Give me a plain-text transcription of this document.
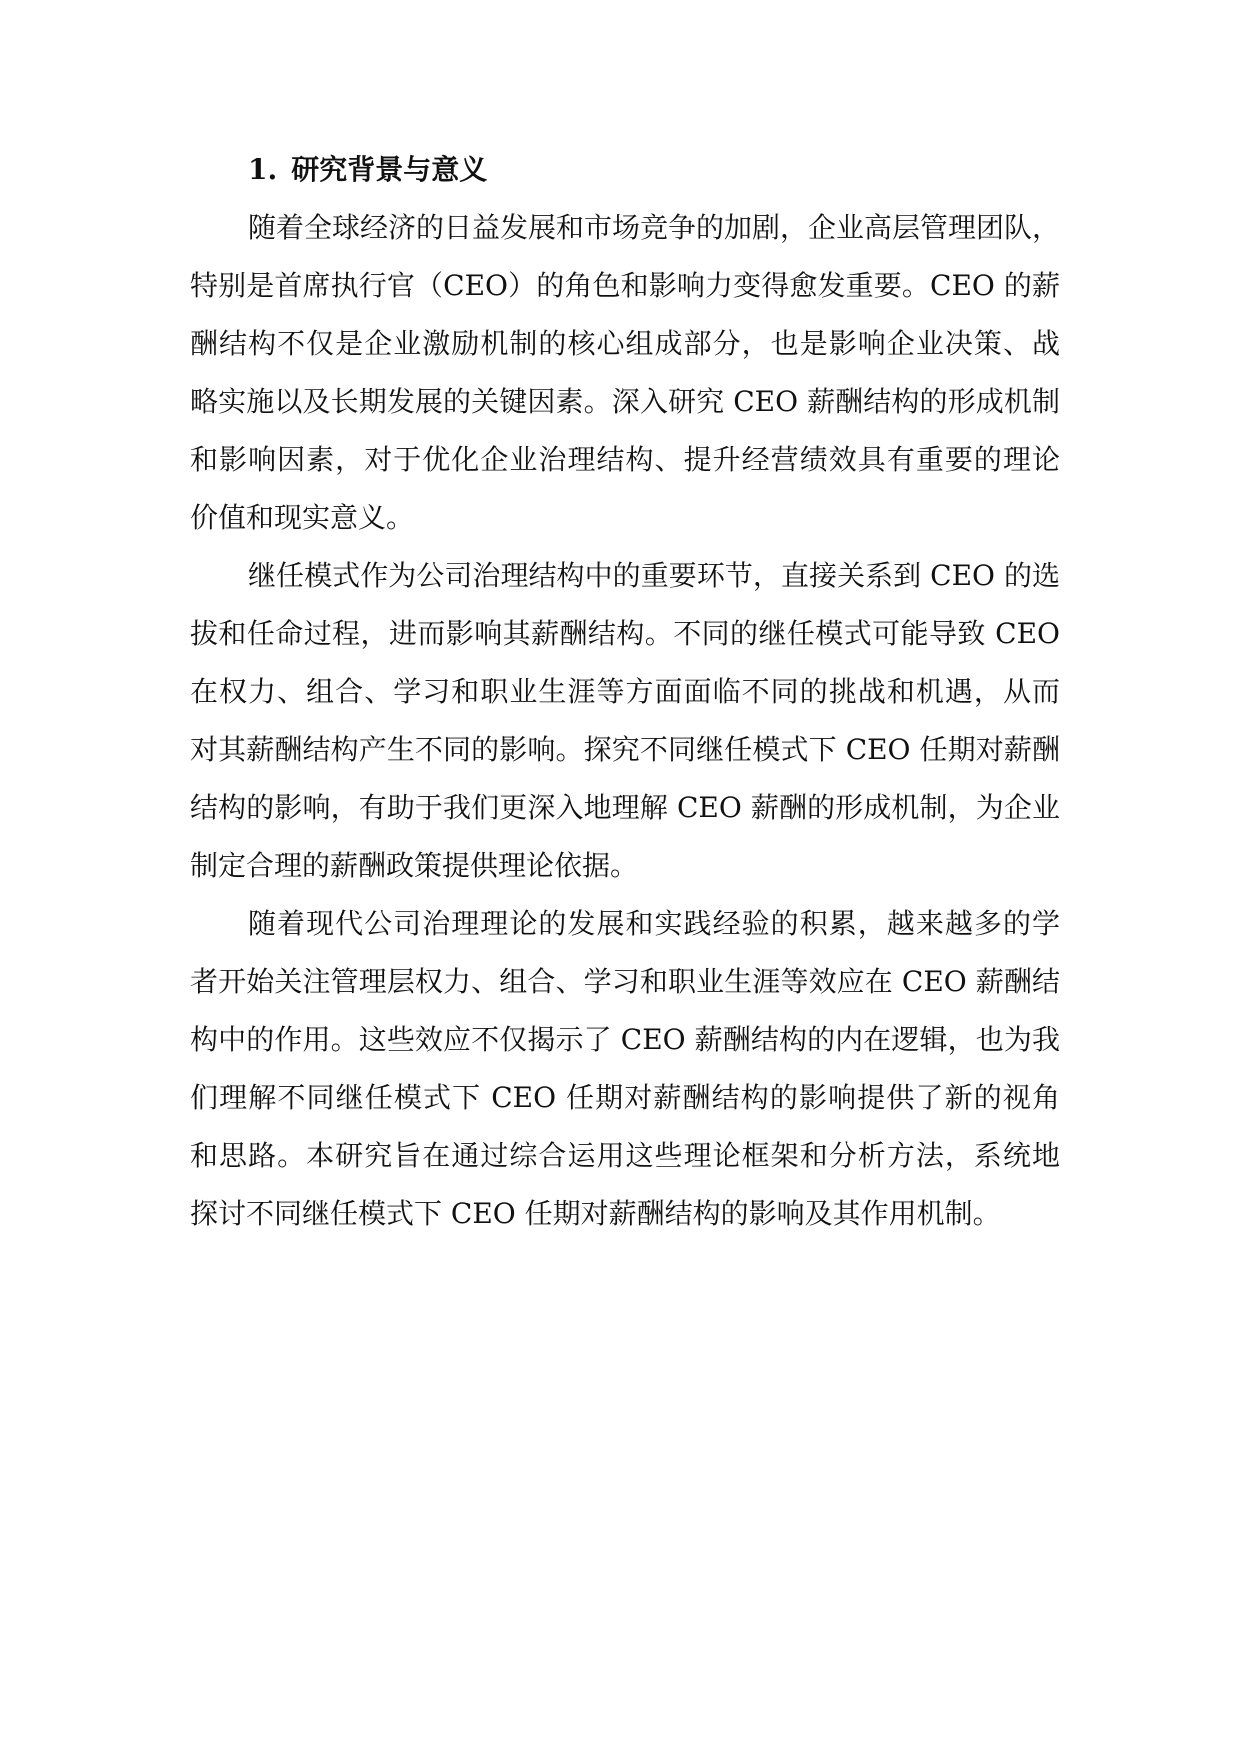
1. 研究背景与意义

随着全球经济的日益发展和市场竞争的加剧，企业高层管理团队，

特别是首席执行官（CEO）的角色和影响力变得愈发重要。CEO 的薪

酬结构不仅是企业激励机制的核心组成部分，也是影响企业决策、战

略实施以及长期发展的关键因素。深入研究 CEO 薪酬结构的形成机制

和影响因素，对于优化企业治理结构、提升经营绩效具有重要的理论

价值和现实意义。

继任模式作为公司治理结构中的重要环节，直接关系到 CEO 的选

拔和任命过程，进而影响其薪酬结构。不同的继任模式可能导致 CEO

在权力、组合、学习和职业生涯等方面面临不同的挑战和机遇，从而

对其薪酬结构产生不同的影响。探究不同继任模式下 CEO 任期对薪酬

结构的影响，有助于我们更深入地理解 CEO 薪酬的形成机制，为企业

制定合理的薪酬政策提供理论依据。

随着现代公司治理理论的发展和实践经验的积累，越来越多的学

者开始关注管理层权力、组合、学习和职业生涯等效应在 CEO 薪酬结

构中的作用。这些效应不仅揭示了 CEO 薪酬结构的内在逻辑，也为我

们理解不同继任模式下 CEO 任期对薪酬结构的影响提供了新的视角

和思路。本研究旨在通过综合运用这些理论框架和分析方法，系统地

探讨不同继任模式下 CEO 任期对薪酬结构的影响及其作用机制。
